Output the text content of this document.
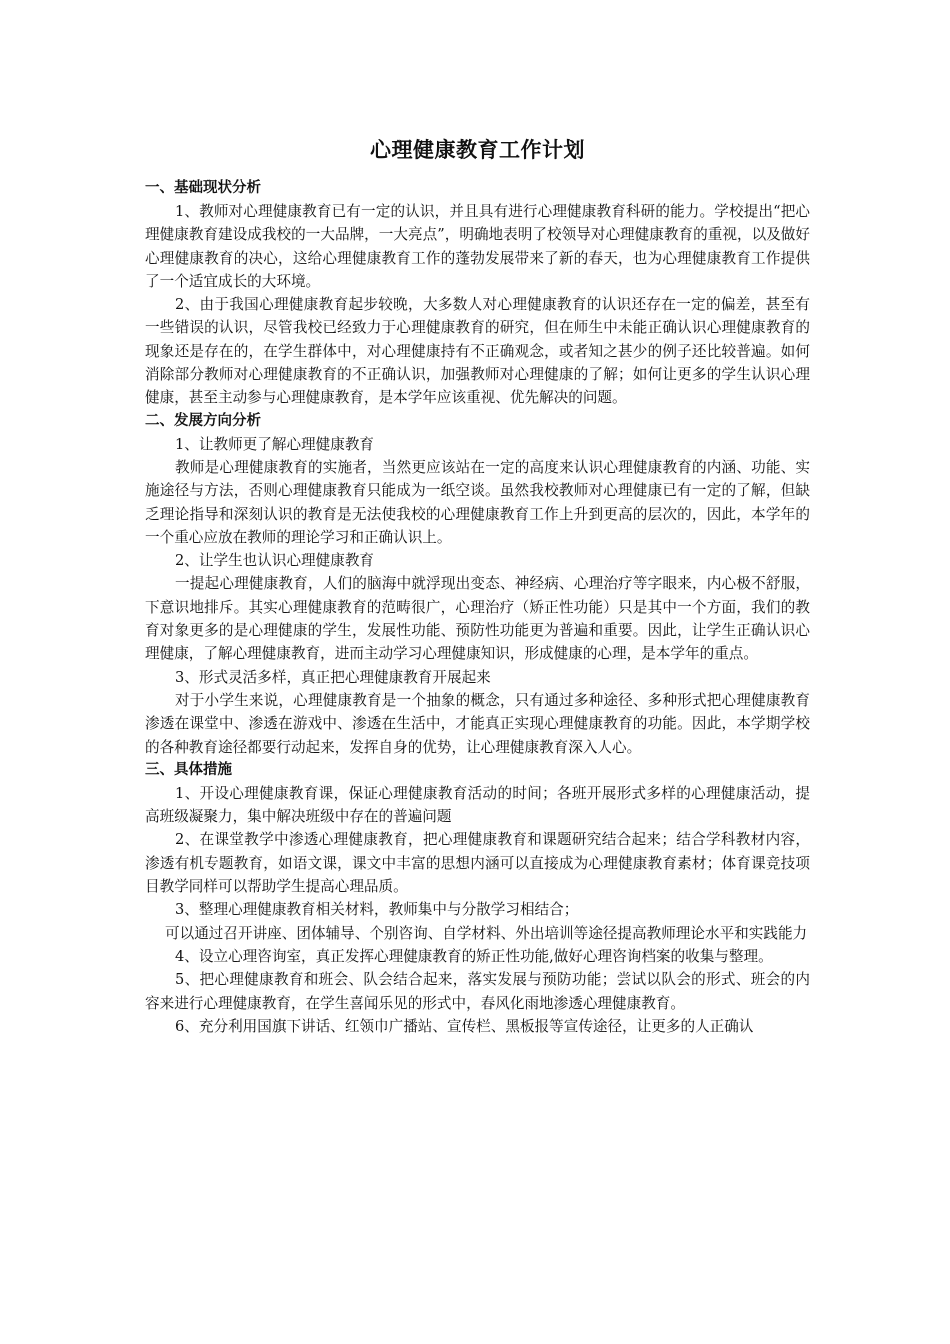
心理健康教育工作计划

一、基础现状分析

1、教师对心理健康教育已有一定的认识，并且具有进行心理健康教育科研的能力。学校提出“把心理健康教育建设成我校的一大品牌，一大亮点”，明确地表明了校领导对心理健康教育的重视，以及做好心理健康教育的决心，这给心理健康教育工作的蓬勃发展带来了新的春天，也为心理健康教育工作提供了一个适宜成长的大环境。

2、由于我国心理健康教育起步较晚，大多数人对心理健康教育的认识还存在一定的偏差，甚至有一些错误的认识，尽管我校已经致力于心理健康教育的研究，但在师生中未能正确认识心理健康教育的现象还是存在的，在学生群体中，对心理健康持有不正确观念，或者知之甚少的例子还比较普遍。如何消除部分教师对心理健康教育的不正确认识，加强教师对心理健康的了解；如何让更多的学生认识心理健康，甚至主动参与心理健康教育，是本学年应该重视、优先解决的问题。

二、发展方向分析

1、让教师更了解心理健康教育

教师是心理健康教育的实施者，当然更应该站在一定的高度来认识心理健康教育的内涵、功能、实施途径与方法，否则心理健康教育只能成为一纸空谈。虽然我校教师对心理健康已有一定的了解，但缺乏理论指导和深刻认识的教育是无法使我校的心理健康教育工作上升到更高的层次的，因此，本学年的一个重心应放在教师的理论学习和正确认识上。

2、让学生也认识心理健康教育

一提起心理健康教育，人们的脑海中就浮现出变态、神经病、心理治疗等字眼来，内心极不舒服，下意识地排斥。其实心理健康教育的范畴很广，心理治疗（矫正性功能）只是其中一个方面，我们的教育对象更多的是心理健康的学生，发展性功能、预防性功能更为普遍和重要。因此，让学生正确认识心理健康，了解心理健康教育，进而主动学习心理健康知识，形成健康的心理，是本学年的重点。

3、形式灵活多样，真正把心理健康教育开展起来

对于小学生来说，心理健康教育是一个抽象的概念，只有通过多种途径、多种形式把心理健康教育渗透在课堂中、渗透在游戏中、渗透在生活中，才能真正实现心理健康教育的功能。因此，本学期学校的各种教育途径都要行动起来，发挥自身的优势，让心理健康教育深入人心。

三、具体措施

1、开设心理健康教育课，保证心理健康教育活动的时间；各班开展形式多样的心理健康活动，提高班级凝聚力，集中解决班级中存在的普遍问题

2、在课堂教学中渗透心理健康教育，把心理健康教育和课题研究结合起来；结合学科教材内容，渗透有机专题教育，如语文课，课文中丰富的思想内涵可以直接成为心理健康教育素材；体育课竞技项目教学同样可以帮助学生提高心理品质。

3、整理心理健康教育相关材料，教师集中与分散学习相结合；

可以通过召开讲座、团体辅导、个别咨询、自学材料、外出培训等途径提高教师理论水平和实践能力

4、设立心理咨询室，真正发挥心理健康教育的矫正性功能,做好心理咨询档案的收集与整理。

5、把心理健康教育和班会、队会结合起来，落实发展与预防功能；尝试以队会的形式、班会的内容来进行心理健康教育，在学生喜闻乐见的形式中，春风化雨地渗透心理健康教育。

6、充分利用国旗下讲话、红领巾广播站、宣传栏、黑板报等宣传途径，让更多的人正确认
